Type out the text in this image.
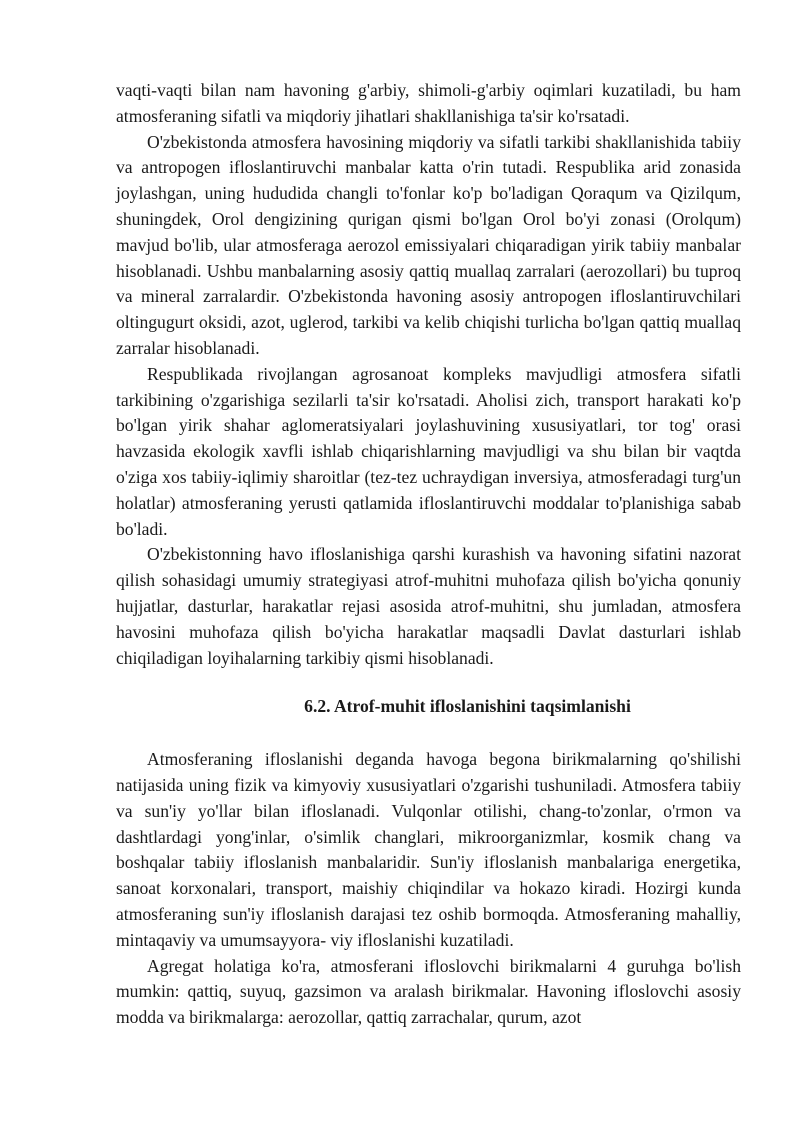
vaqti-vaqti bilan nam havoning g'arbiy, shimoli-g'arbiy oqimlari kuzatiladi, bu ham atmosferaning sifatli va miqdoriy jihatlari shakllanishiga ta'sir ko'rsatadi.

O'zbekistonda atmosfera havosining miqdoriy va sifatli tarkibi shakllanishida tabiiy va antropogen ifloslantiruvchi manbalar katta o'rin tutadi. Respublika arid zonasida joylashgan, uning hududida changli to'fonlar ko'p bo'ladigan Qoraqum va Qizilqum, shuningdek, Orol dengizining qurigan qismi bo'lgan Orol bo'yi zonasi (Orolqum) mavjud bo'lib, ular atmosferaga aerozol emissiyalari chiqaradigan yirik tabiiy manbalar hisoblanadi. Ushbu manbalarning asosiy qattiq muallaq zarralari (aerozollari) bu tuproq va mineral zarralardir. O'zbekistonda havoning asosiy antropogen ifloslantiruvchilari oltingugurt oksidi, azot, uglerod, tarkibi va kelib chiqishi turlicha bo'lgan qattiq muallaq zarralar hisoblanadi.

Respublikada rivojlangan agrosanoat kompleks mavjudligi atmosfera sifatli tarkibining o'zgarishiga sezilarli ta'sir ko'rsatadi. Aholisi zich, transport harakati ko'p bo'lgan yirik shahar aglomeratsiyalari joylashuvining xususiyatlari, tor tog' orasi havzasida ekologik xavfli ishlab chiqarishlarning mavjudligi va shu bilan bir vaqtda o'ziga xos tabiiy-iqlimiy sharoitlar (tez-tez uchraydigan inversiya, atmosferadagi turg'un holatlar) atmosferaning yerusti qatlamida ifloslantiruvchi moddalar to'planishiga sabab bo'ladi.

O'zbekistonning havo ifloslanishiga qarshi kurashish va havoning sifatini nazorat qilish sohasidagi umumiy strategiyasi atrof-muhitni muhofaza qilish bo'yicha qonuniy hujjatlar, dasturlar, harakatlar rejasi asosida atrof-muhitni, shu jumladan, atmosfera havosini muhofaza qilish bo'yicha harakatlar maqsadli Davlat dasturlari ishlab chiqiladigan loyihalarning tarkibiy qismi hisoblanadi.

6.2. Atrof-muhit ifloslanishini taqsimlanishi

Atmosferaning ifloslanishi deganda havoga begona birikmalarning qo'shilishi natijasida uning fizik va kimyoviy xususiyatlari o'zgarishi tushuniladi. Atmosfera tabiiy va sun'iy yo'llar bilan ifloslanadi. Vulqonlar otilishi, chang-to'zonlar, o'rmon va dashtlardagi yong'inlar, o'simlik changlari, mikroorganizmlar, kosmik chang va boshqalar tabiiy ifloslanish manbalaridir. Sun'iy ifloslanish manbalariga energetika, sanoat korxonalari, transport, maishiy chiqindilar va hokazo kiradi. Hozirgi kunda atmosferaning sun'iy ifloslanish darajasi tez oshib bormoqda. Atmosferaning mahalliy, mintaqaviy va umumsayyora- viy ifloslanishi kuzatiladi.

Agregat holatiga ko'ra, atmosferani ifloslovchi birikmalarni 4 guruhga bo'lish mumkin: qattiq, suyuq, gazsimon va aralash birikmalar. Havoning ifloslovchi asosiy modda va birikmalarga: aerozollar, qattiq zarrachalar, qurum, azot
